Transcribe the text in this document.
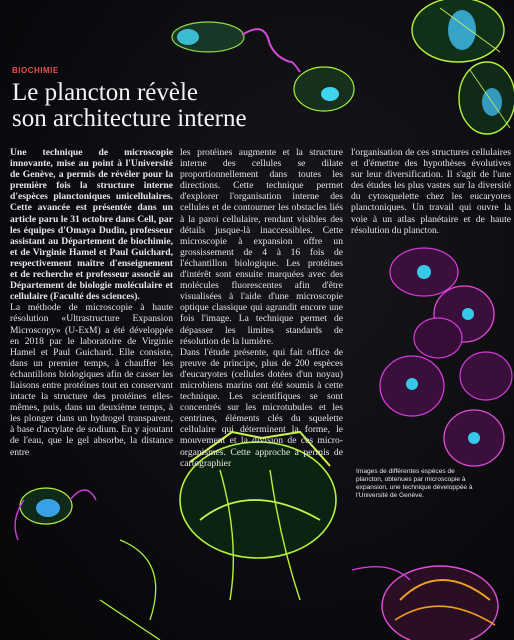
BIOCHIMIE
Le plancton révèle
son architecture interne

Une technique de microscopie innovante, mise au point à l'Université de Genève, a permis de révéler pour la première fois la structure interne d'espèces planctoniques unicellulaires. Cette avancée est présentée dans un article paru le 31 octobre dans Cell, par les équipes d'Omaya Dudin, professeur assistant au Département de biochimie, et de Virginie Hamel et Paul Guichard, respectivement maître d'enseignement et de recherche et professeur associé au Département de biologie moléculaire et cellulaire (Faculté des sciences).

La méthode de microscopie à haute résolution «Ultrastructure Expansion Microscopy» (U-ExM) a été développée en 2018 par le laboratoire de Virginie Hamel et Paul Guichard. Elle consiste, dans un premier temps, à chauffer les échantillons biologiques afin de casser les liaisons entre protéines tout en conservant intacte la structure des protéines elles-mêmes, puis, dans un deuxième temps, à les plonger dans un hydrogel transparent, à base d'acrylate de sodium. En y ajoutant de l'eau, que le gel absorbe, la distance entre

les protéines augmente et la structure interne des cellules se dilate proportionnellement dans toutes les directions. Cette technique permet d'explorer l'organisation interne des cellules et de contourner les obstacles liés à la paroi cellulaire, rendant visibles des détails jusque-là inaccessibles. Cette microscopie à expansion offre un grossissement de 4 à 16 fois de l'échantillon biologique. Les protéines d'intérêt sont ensuite marquées avec des molécules fluorescentes afin d'être visualisées à l'aide d'une microscopie optique classique qui agrandit encore une fois l'image. La technique permet de dépasser les limites standards de résolution de la lumière.

Dans l'étude présente, qui fait office de preuve de principe, plus de 200 espèces d'eucaryotes (cellules dotées d'un noyau) microbiens marins ont été soumis à cette technique. Les scientifiques se sont concentrés sur les microtubules et les centrines, éléments clés du squelette cellulaire qui déterminent la forme, le mouvement et la division de ces micro-organismes. Cette approche a permis de cartographier

l'organisation de ces structures cellulaires et d'émettre des hypothèses évolutives sur leur diversification. Il s'agit de l'une des études les plus vastes sur la diversité du cytosquelette chez les eucaryotes planctoniques. Un travail qui ouvre la voie à un atlas planétaire et de haute résolution du plancton.

Images de différentes espèces de plancton, obtenues par microscopie à expansion, une technique développée à l'Université de Genève.
